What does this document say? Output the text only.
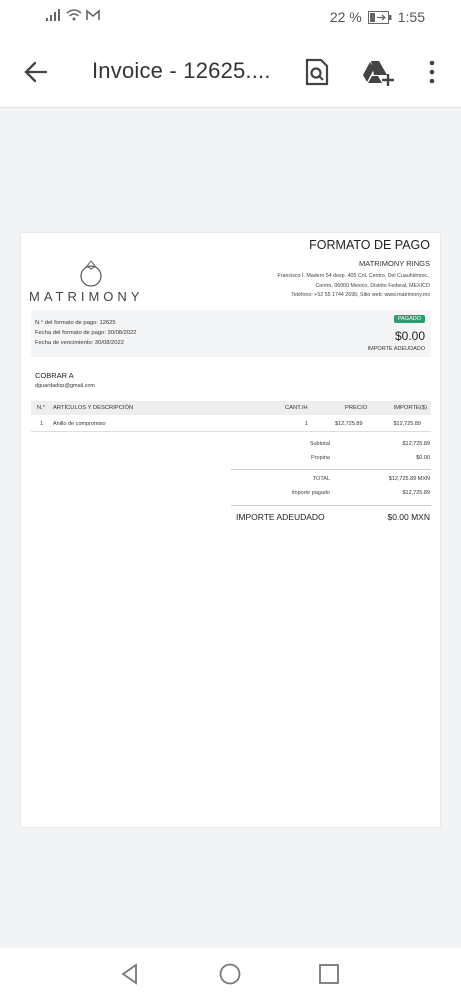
22 %	1:55
Invoice - 12625....
FORMATO DE PAGO
MATRIMONY RINGS
Francisco I. Madero 54 desp. 405 Col. Centro. Del Cuauhtémoc.,
Centro, 06000 Mexico, Distrito Federal, MEXICO
Teléfono: +52 55 1744 2695; Sitio web: www.matrimony.mx
MATRIMONY
N.° del formato de pago: 12625
Fecha del formato de pago: 30/08/2022
Fecha de vencimiento: 30/08/2022
PAGADO
$0.00
IMPORTE ADEUDADO
COBRAR A
dguardadop@gmail.com
N.° ARTÍCULOS Y DESCRIPCIÓN	CANT./H	PRECIO	IMPORTE($)
1 Anillo de compromiso	1	$12,725.89	$12,725.89
Subtotal	$12,725.89
Propina	$0.00
TOTAL	$12,725.89 MXN
Importe pagado	$12,725.89
IMPORTE ADEUDADO	$0.00 MXN
